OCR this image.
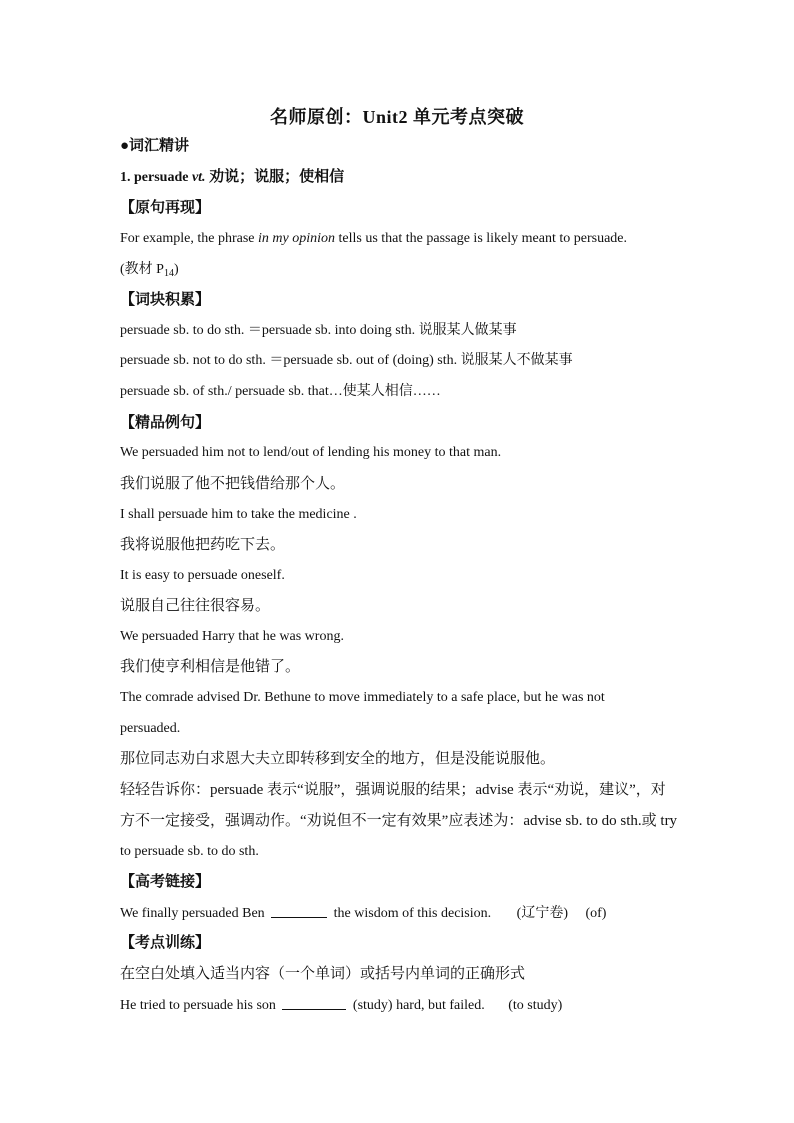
名师原创：Unit2 单元考点突破
●词汇精讲
1. persuade vt. 劝说；说服；使相信
【原句再现】
For example, the phrase in my opinion tells us that the passage is likely meant to persuade.
(教材 $P_{14}$)
【词块积累】
persuade sb. to do sth. ＝persuade sb. into doing sth. 说服某人做某事
persuade sb. not to do sth. ＝persuade sb. out of (doing) sth. 说服某人不做某事
persuade sb. of sth./ persuade sb. that…使某人相信……
【精品例句】
We persuaded him not to lend/out of lending his money to that man.
我们说服了他不把钱借给那个人。
I shall persuade him to take the medicine .
我将说服他把药吃下去。
It is easy to persuade oneself.
说服自己往往很容易。
We persuaded Harry that he was wrong.
我们使亨利相信是他错了。
The comrade advised Dr. Bethune to move immediately to a safe place, but he was not
persuaded.
那位同志劝白求恩大夫立即转移到安全的地方，但是没能说服他。
轻轻告诉你：persuade 表示“说服”，强调说服的结果；advise 表示“劝说，建议”，对
方不一定接受，强调动作。“劝说但不一定有效果”应表述为：advise sb. to do sth.或 try
to persuade sb. to do sth.
【高考链接】
We finally persuaded Ben	the wisdom of this decision. (辽宁卷) (of)
【考点训练】
在空白处填入适当内容（一个单词）或括号内单词的正确形式
He tried to persuade his son	(study) hard, but failed. (to study)
